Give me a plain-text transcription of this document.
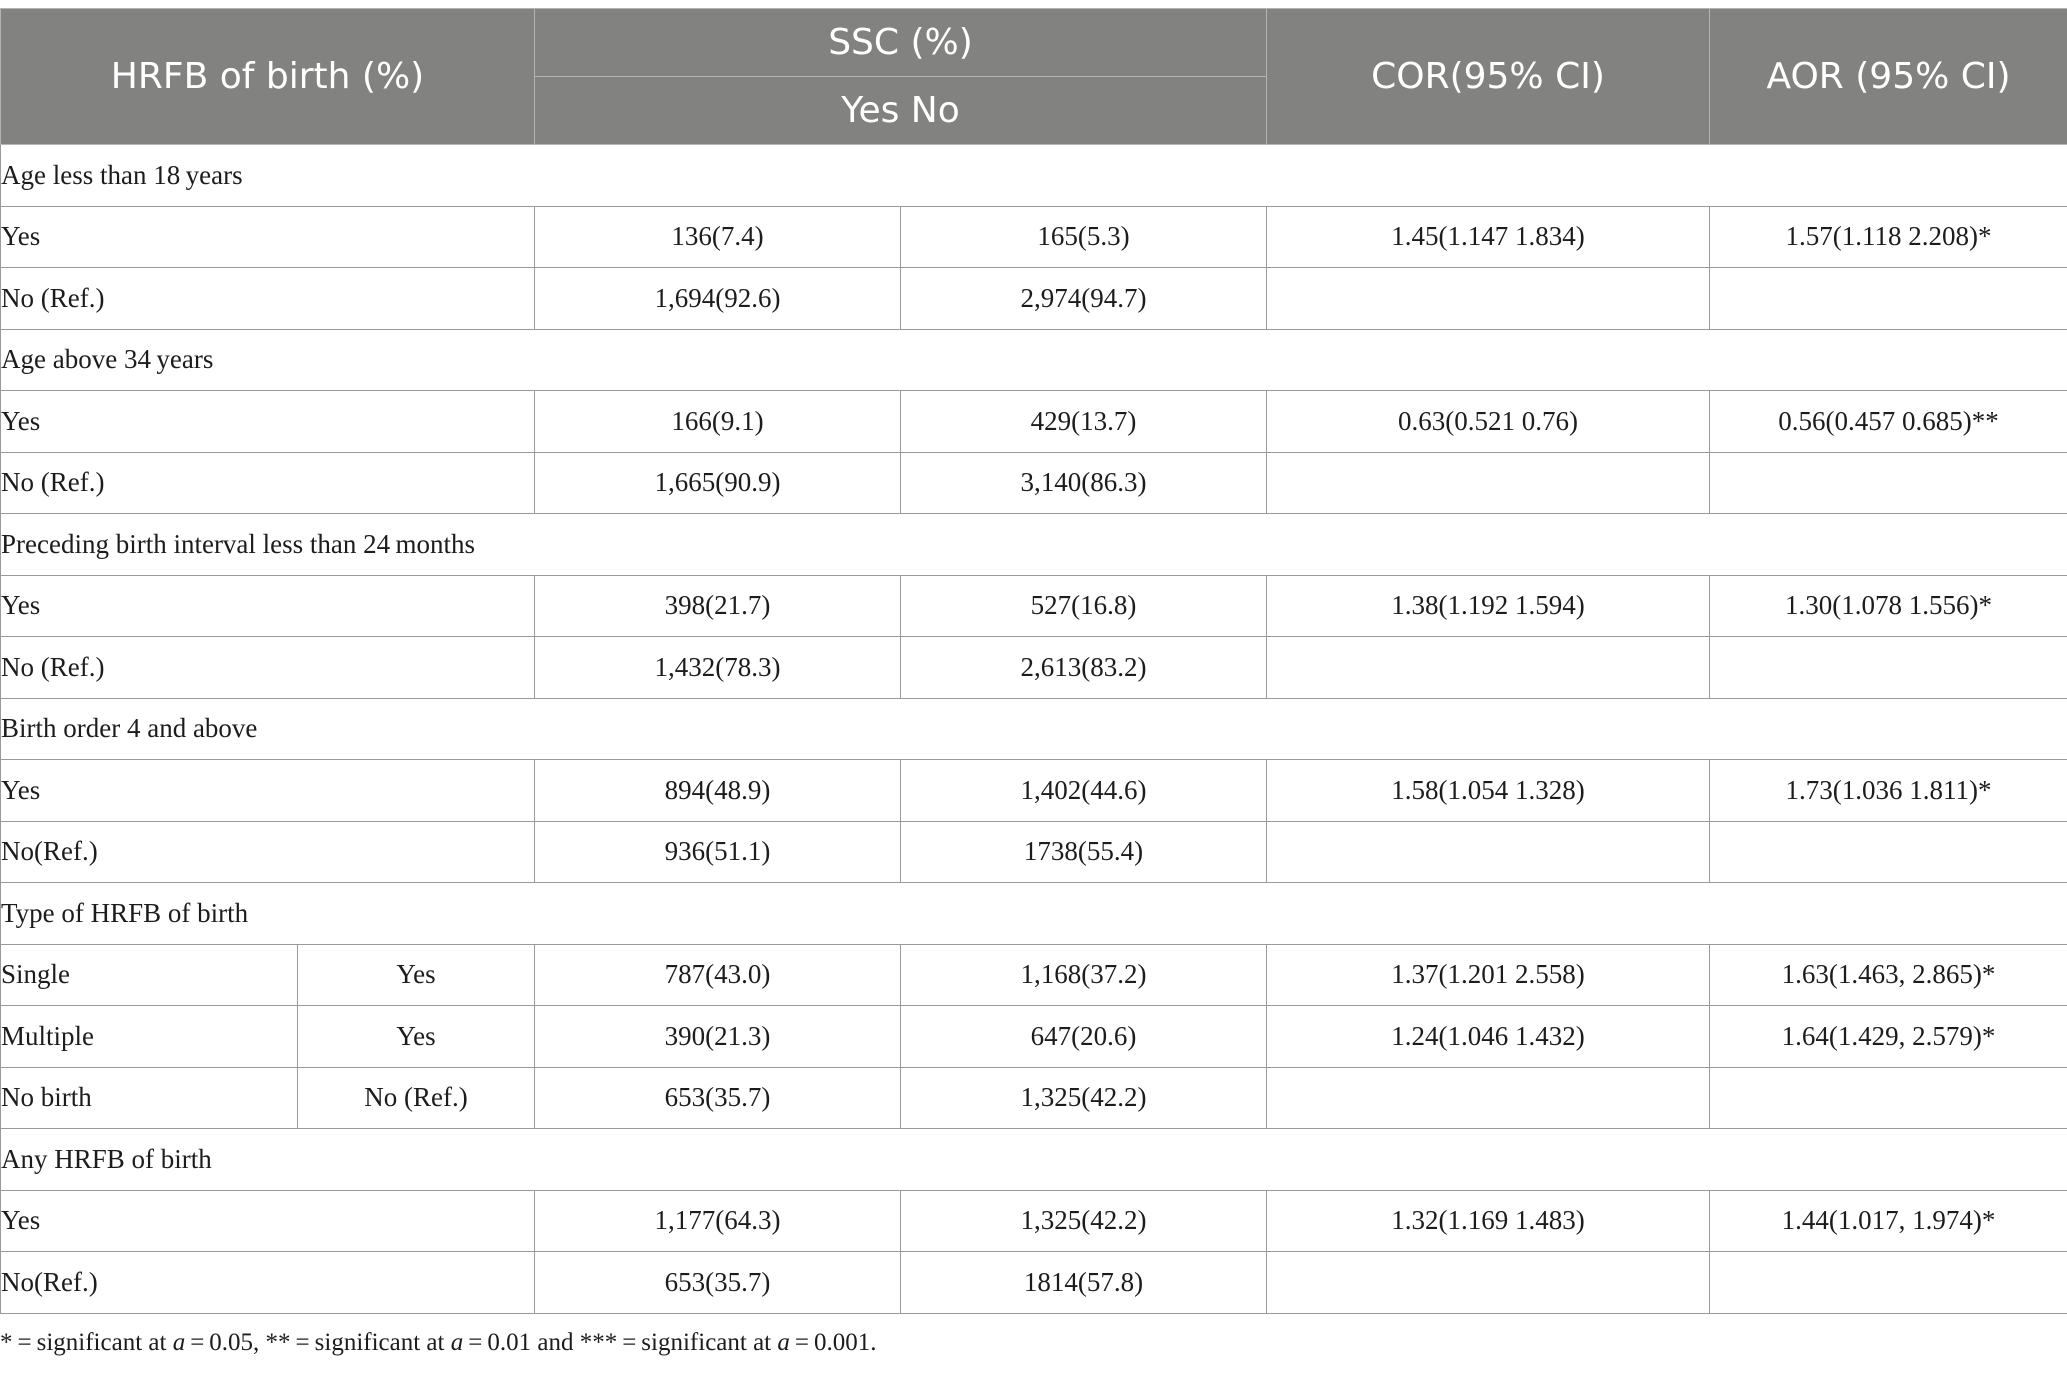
HRFB of birth (%)		SSC (%)		COR(95% CI)	AOR (95% CI)
		Yes No			
Age less than 18 years					
Yes		136(7.4)	165(5.3)	1.45(1.147 1.834)	1.57(1.118 2.208)*
No (Ref.)		1,694(92.6)	2,974(94.7)		
Age above 34 years					
Yes		166(9.1)	429(13.7)	0.63(0.521 0.76)	0.56(0.457 0.685)**
No (Ref.)		1,665(90.9)	3,140(86.3)		
Preceding birth interval less than 24 months					
Yes		398(21.7)	527(16.8)	1.38(1.192 1.594)	1.30(1.078 1.556)*
No (Ref.)		1,432(78.3)	2,613(83.2)		
Birth order 4 and above					
Yes		894(48.9)	1,402(44.6)	1.58(1.054 1.328)	1.73(1.036 1.811)*
No(Ref.)		936(51.1)	1738(55.4)		
Type of HRFB of birth					
Single	Yes	787(43.0)	1,168(37.2)	1.37(1.201 2.558)	1.63(1.463, 2.865)*
Multiple	Yes	390(21.3)	647(20.6)	1.24(1.046 1.432)	1.64(1.429, 2.579)*
No birth	No (Ref.)	653(35.7)	1,325(42.2)		
Any HRFB of birth					
Yes		1,177(64.3)	1,325(42.2)	1.32(1.169 1.483)	1.44(1.017, 1.974)*
No(Ref.)		653(35.7)	1814(57.8)		
* = significant at a = 0.05, ** = significant at a = 0.01 and *** = significant at a = 0.001.
